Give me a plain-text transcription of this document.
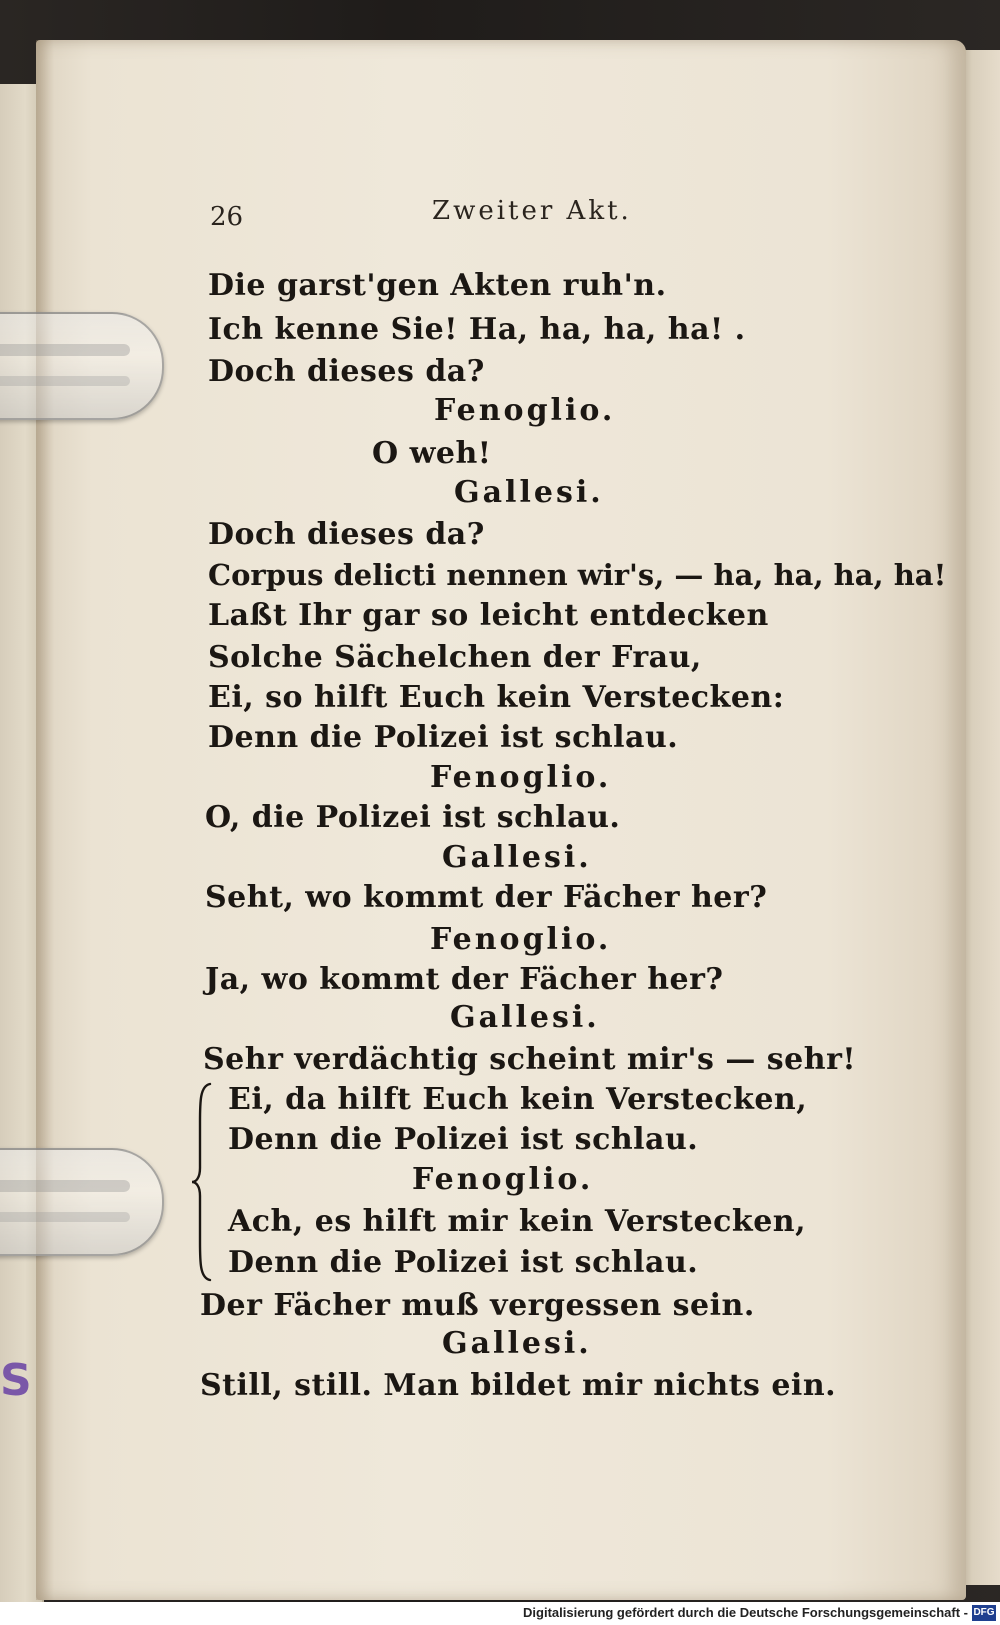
26	Zweiter Akt.
Die garst'gen Akten ruh'n.
Ich kenne Sie! Ha, ha, ha, ha! .
Doch dieses da?
Fenoglio.
O weh!
Gallesi.
Doch dieses da?
Corpus delicti nennen wir's, — ha, ha, ha, ha!
Laßt Ihr gar so leicht entdecken
Solche Sächelchen der Frau,
Ei, so hilft Euch kein Verstecken:
Denn die Polizei ist schlau.
Fenoglio.
O, die Polizei ist schlau.
Gallesi.
Seht, wo kommt der Fächer her?
Fenoglio.
Ja, wo kommt der Fächer her?
Gallesi.
Sehr verdächtig scheint mir's — sehr!
Ei, da hilft Euch kein Verstecken,
Denn die Polizei ist schlau.
Fenoglio.
Ach, es hilft mir kein Verstecken,
Denn die Polizei ist schlau.
Der Fächer muß vergessen sein.
Gallesi.
Still, still. Man bildet mir nichts ein.
S
Digitalisierung gefördert durch die Deutsche Forschungsgemeinschaft - DFG
